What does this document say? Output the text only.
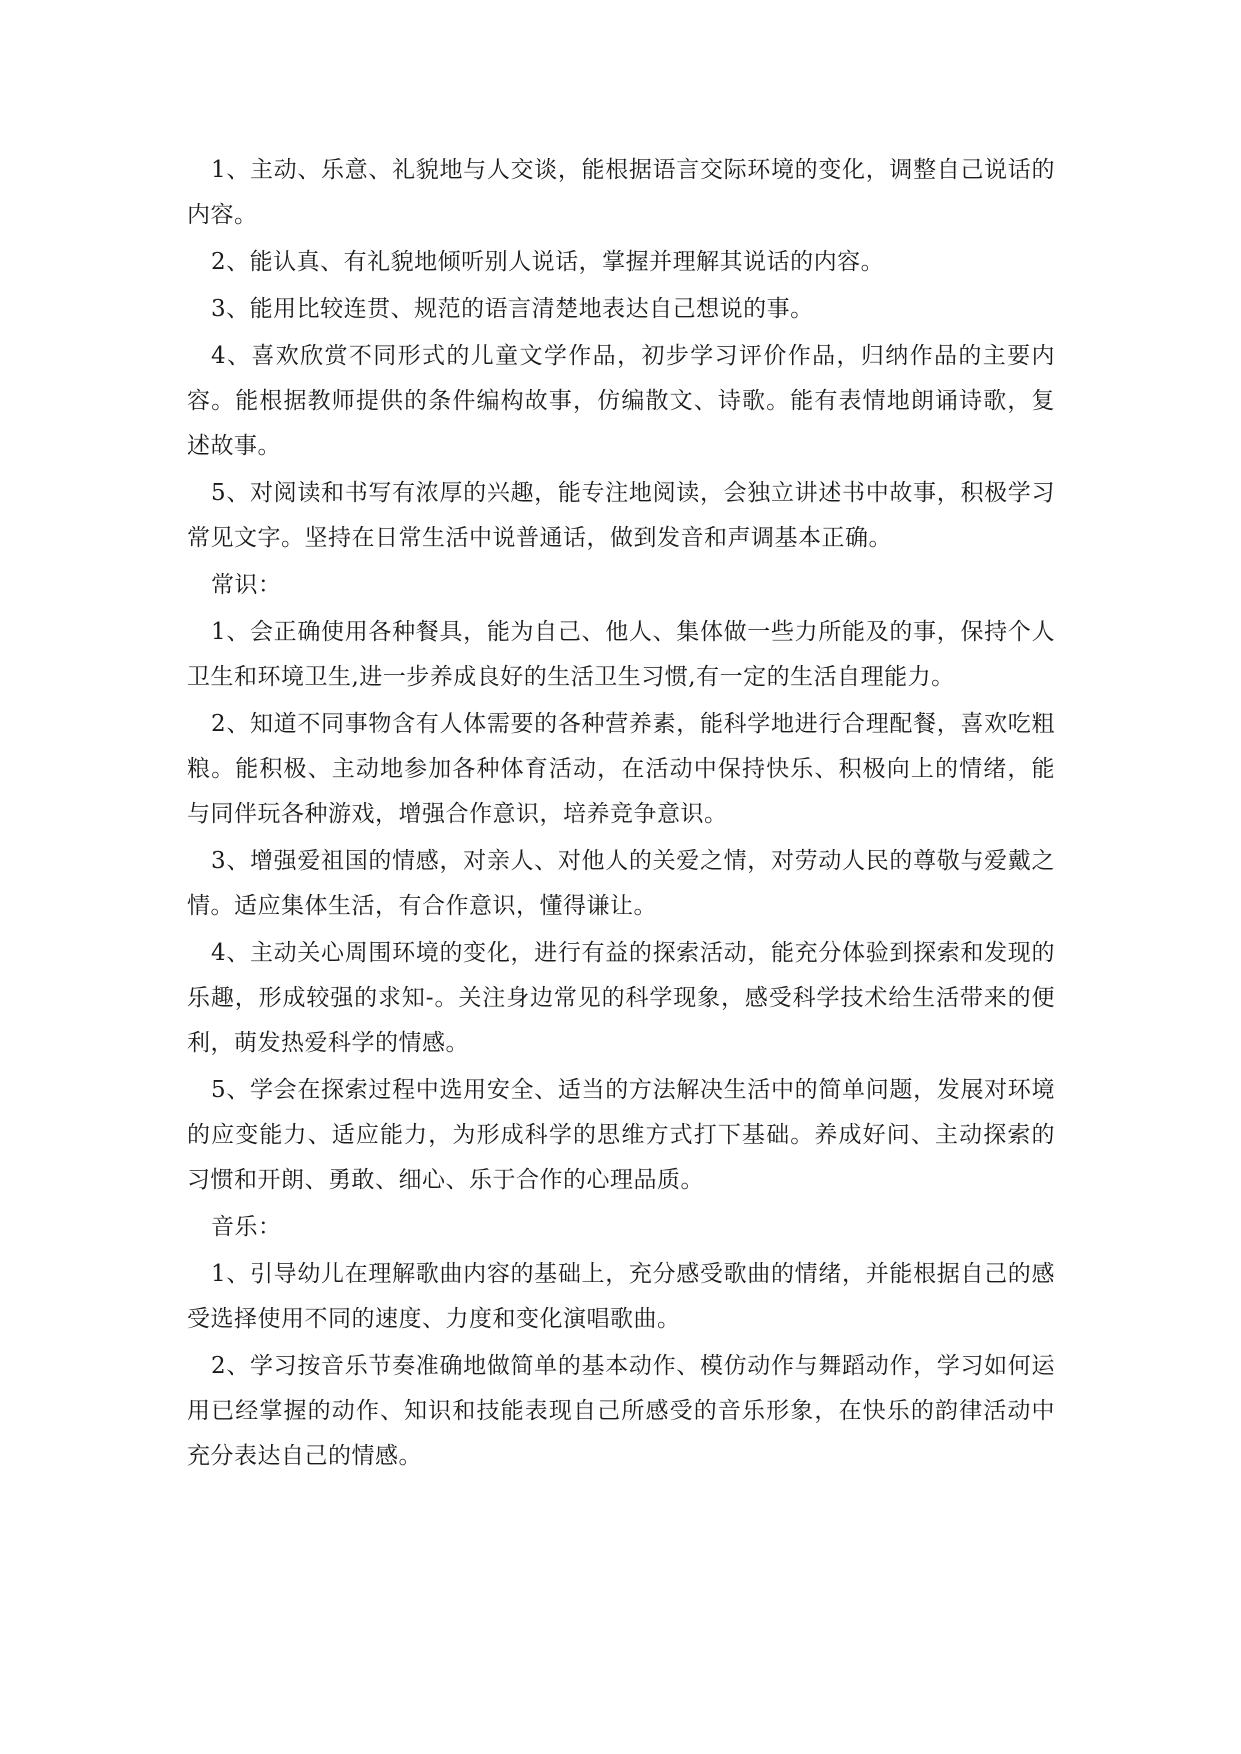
1、主动、乐意、礼貌地与人交谈，能根据语言交际环境的变化，调整自己说话的内容。

2、能认真、有礼貌地倾听别人说话，掌握并理解其说话的内容。

3、能用比较连贯、规范的语言清楚地表达自己想说的事。

4、喜欢欣赏不同形式的儿童文学作品，初步学习评价作品，归纳作品的主要内容。能根据教师提供的条件编构故事，仿编散文、诗歌。能有表情地朗诵诗歌，复述故事。

5、对阅读和书写有浓厚的兴趣，能专注地阅读，会独立讲述书中故事，积极学习常见文字。坚持在日常生活中说普通话，做到发音和声调基本正确。

常识：

1、会正确使用各种餐具，能为自己、他人、集体做一些力所能及的事，保持个人卫生和环境卫生,进一步养成良好的生活卫生习惯,有一定的生活自理能力。

2、知道不同事物含有人体需要的各种营养素，能科学地进行合理配餐，喜欢吃粗粮。能积极、主动地参加各种体育活动，在活动中保持快乐、积极向上的情绪，能与同伴玩各种游戏，增强合作意识，培养竞争意识。

3、增强爱祖国的情感，对亲人、对他人的关爱之情，对劳动人民的尊敬与爱戴之情。适应集体生活，有合作意识，懂得谦让。

4、主动关心周围环境的变化，进行有益的探索活动，能充分体验到探索和发现的乐趣，形成较强的求知-。关注身边常见的科学现象，感受科学技术给生活带来的便利，萌发热爱科学的情感。

5、学会在探索过程中选用安全、适当的方法解决生活中的简单问题，发展对环境的应变能力、适应能力，为形成科学的思维方式打下基础。养成好问、主动探索的习惯和开朗、勇敢、细心、乐于合作的心理品质。

音乐：

1、引导幼儿在理解歌曲内容的基础上，充分感受歌曲的情绪，并能根据自己的感受选择使用不同的速度、力度和变化演唱歌曲。

2、学习按音乐节奏准确地做简单的基本动作、模仿动作与舞蹈动作，学习如何运用已经掌握的动作、知识和技能表现自己所感受的音乐形象，在快乐的韵律活动中充分表达自己的情感。
